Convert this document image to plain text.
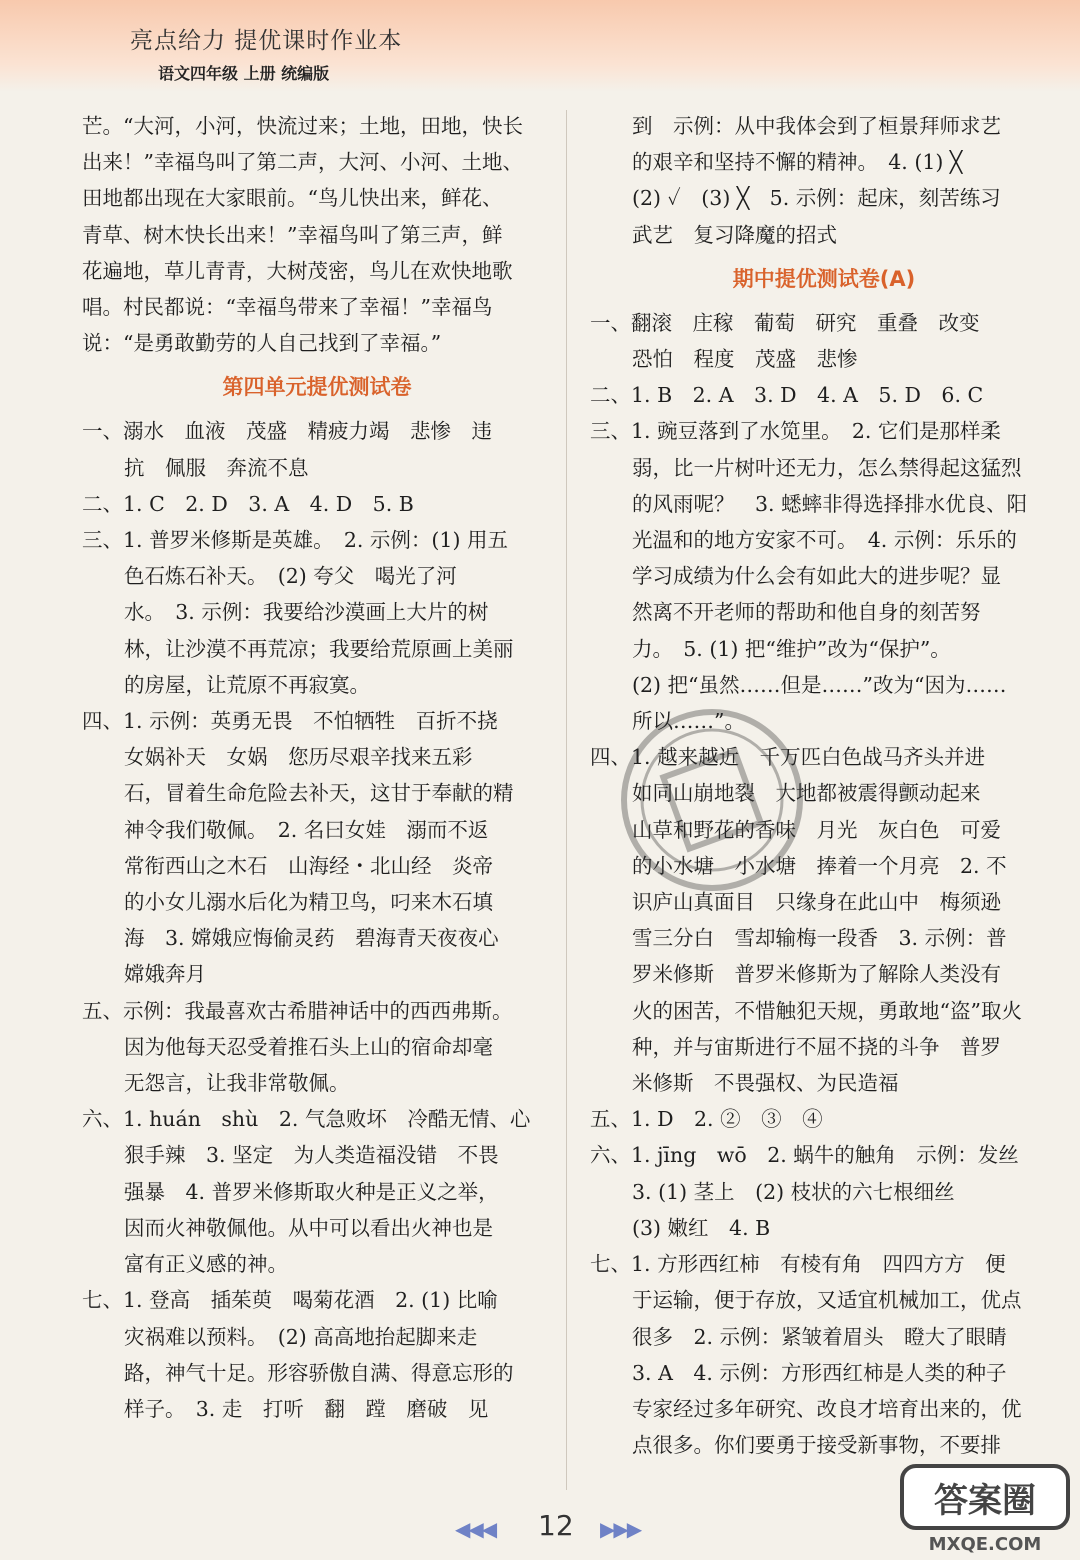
亮点给力 提优课时作业本
语文四年级 上册 统编版
芒。“大河，小河，快流过来；土地，田地，快长
出来！”幸福鸟叫了第二声，大河、小河、土地、
田地都出现在大家眼前。“鸟儿快出来，鲜花、
青草、树木快长出来！”幸福鸟叫了第三声，鲜
花遍地，草儿青青，大树茂密，鸟儿在欢快地歌
唱。村民都说：“幸福鸟带来了幸福！”幸福鸟
说：“是勇敢勤劳的人自己找到了幸福。”
第四单元提优测试卷
一、溺水　血液　茂盛　精疲力竭　悲惨　违
抗　佩服　奔流不息
二、1. C　2. D　3. A　4. D　5. B
三、1. 普罗米修斯是英雄。　2. 示例：(1) 用五
色石炼石补天。　(2) 夸父　喝光了河
水。　3. 示例：我要给沙漠画上大片的树
林，让沙漠不再荒凉；我要给荒原画上美丽
的房屋，让荒原不再寂寞。
四、1. 示例：英勇无畏　不怕牺牲　百折不挠
女娲补天　女娲　您历尽艰辛找来五彩
石，冒着生命危险去补天，这甘于奉献的精
神令我们敬佩。　2. 名曰女娃　溺而不返
常衔西山之木石　山海经・北山经　炎帝
的小女儿溺水后化为精卫鸟，叼来木石填
海　3. 嫦娥应悔偷灵药　碧海青天夜夜心
嫦娥奔月
五、示例：我最喜欢古希腊神话中的西西弗斯。
因为他每天忍受着推石头上山的宿命却毫
无怨言，让我非常敬佩。
六、1. huán　shù　2. 气急败坏　冷酷无情、心
狠手辣　3. 坚定　为人类造福没错　不畏
强暴　4. 普罗米修斯取火种是正义之举，
因而火神敬佩他。从中可以看出火神也是
富有正义感的神。
七、1. 登高　插茱萸　喝菊花酒　2. (1) 比喻
灾祸难以预料。　(2) 高高地抬起脚来走
路，神气十足。形容骄傲自满、得意忘形的
样子。　3. 走　打听　翻　蹚　磨破　见
到　示例：从中我体会到了桓景拜师求艺
的艰辛和坚持不懈的精神。　4. (1) ╳
(2) ✓　(3) ╳　5. 示例：起床，刻苦练习
武艺　复习降魔的招式
期中提优测试卷(A)
一、翻滚　庄稼　葡萄　研究　重叠　改变
恐怕　程度　茂盛　悲惨
二、1. B　2. A　3. D　4. A　5. D　6. C
三、1. 豌豆落到了水笕里。　2. 它们是那样柔
弱，比一片树叶还无力，怎么禁得起这猛烈
的风雨呢？　3. 蟋蟀非得选择排水优良、阳
光温和的地方安家不可。　4. 示例：乐乐的
学习成绩为什么会有如此大的进步呢？显
然离不开老师的帮助和他自身的刻苦努
力。　5. (1) 把“维护”改为“保护”。
(2) 把“虽然……但是……”改为“因为……
所以……”。
四、1. 越来越近　千万匹白色战马齐头并进
如同山崩地裂　大地都被震得颤动起来
山草和野花的香味　月光　灰白色　可爱
的小水塘　小水塘　捧着一个月亮　2. 不
识庐山真面目　只缘身在此山中　梅须逊
雪三分白　雪却输梅一段香　3. 示例：普
罗米修斯　普罗米修斯为了解除人类没有
火的困苦，不惜触犯天规，勇敢地“盗”取火
种，并与宙斯进行不屈不挠的斗争　普罗
米修斯　不畏强权、为民造福
五、1. D　2. ②　③　④
六、1. jīng　wō　2. 蜗牛的触角　示例：发丝
3. (1) 茎上　(2) 枝状的六七根细丝
(3) 嫩红　4. B
七、1. 方形西红柿　有棱有角　四四方方　便
于运输，便于存放，又适宜机械加工，优点
很多　2. 示例：紧皱着眉头　瞪大了眼睛
3. A　4. 示例：方形西红柿是人类的种子
专家经过多年研究、改良才培育出来的，优
点很多。你们要勇于接受新事物，不要排
◀◀◀ 12 ▶▶▶
答案圈
MXQE.COM
